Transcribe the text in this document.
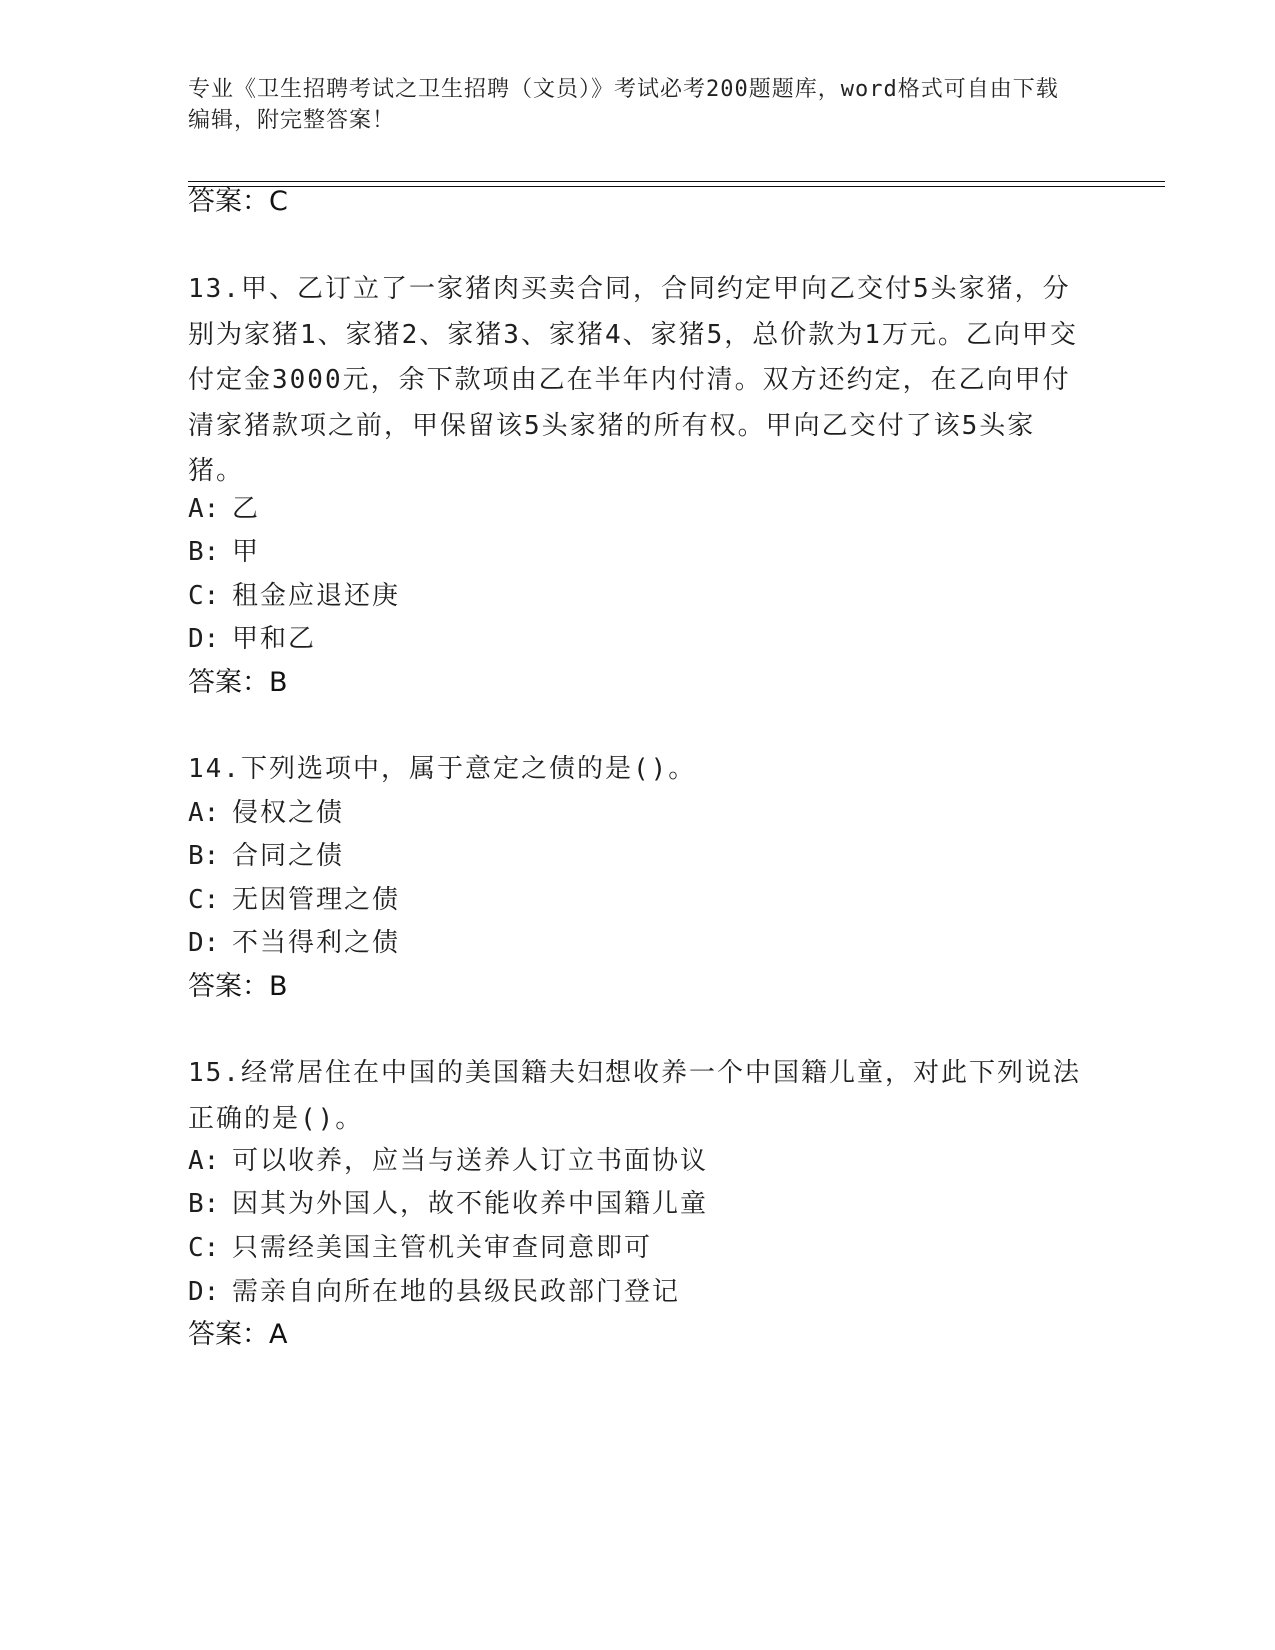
专业《卫生招聘考试之卫生招聘（文员）》考试必考200题题库，word格式可自由下载编辑，附完整答案！
答案：C
13.甲、乙订立了一家猪肉买卖合同，合同约定甲向乙交付5头家猪，分别为家猪1、家猪2、家猪3、家猪4、家猪5，总价款为1万元。乙向甲交付定金3000元，余下款项由乙在半年内付清。双方还约定，在乙向甲付清家猪款项之前，甲保留该5头家猪的所有权。甲向乙交付了该5头家猪。
A: 乙
B: 甲
C: 租金应退还庚
D: 甲和乙
答案：B
14.下列选项中，属于意定之债的是()。
A: 侵权之债
B: 合同之债
C: 无因管理之债
D: 不当得利之债
答案：B
15.经常居住在中国的美国籍夫妇想收养一个中国籍儿童，对此下列说法正确的是()。
A: 可以收养，应当与送养人订立书面协议
B: 因其为外国人，故不能收养中国籍儿童
C: 只需经美国主管机关审查同意即可
D: 需亲自向所在地的县级民政部门登记
答案：A
